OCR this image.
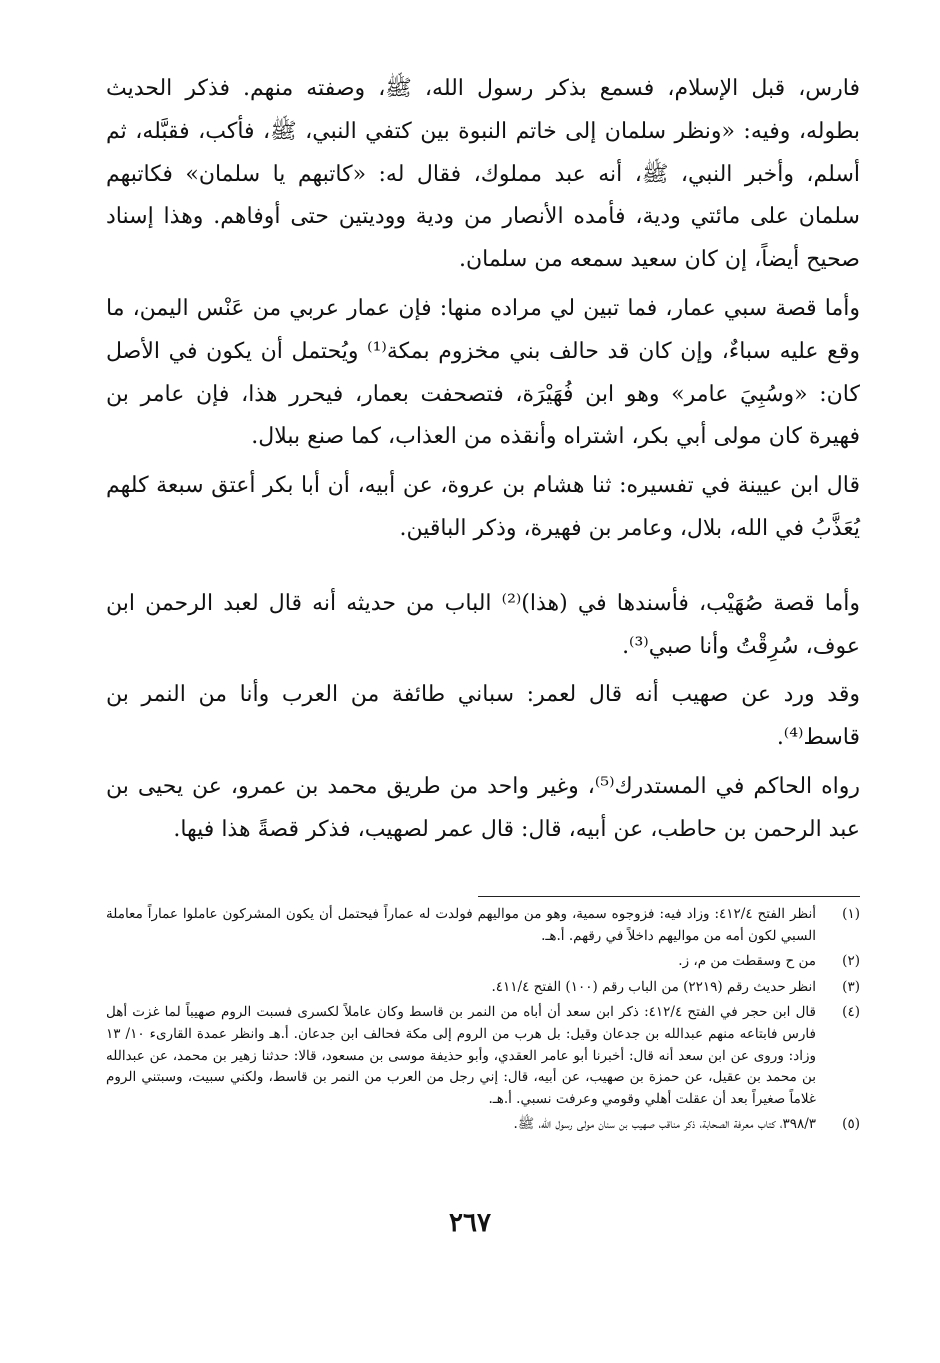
فارس، قبل الإسلام، فسمع بذكر رسول الله، ﷺ، وصفته منهم. فذكر الحديث بطوله، وفيه: «ونظر سلمان إلى خاتم النبوة بين كتفي النبي، ﷺ، فأكب، فقبَّله، ثم أسلم، وأخبر النبي، ﷺ، أنه عبد مملوك، فقال له: «كاتبهم يا سلمان» فكاتبهم سلمان على مائتي ودية، فأمده الأنصار من ودية ووديتين حتى أوفاهم. وهذا إسناد صحيح أيضاً، إن كان سعيد سمعه من سلمان.

وأما قصة سبي عمار، فما تبين لي مراده منها: فإن عمار عربي من عَنْس اليمن، ما وقع عليه سباءٌ، وإن كان قد حالف بني مخزوم بمكة⁽¹⁾ ويُحتمل أن يكون في الأصل كان: «وسُبِيَ عامر» وهو ابن فُهَيْرَة، فتصحفت بعمار، فيحرر هذا، فإن عامر بن فهيرة كان مولى أبي بكر، اشتراه وأنقذه من العذاب، كما صنع ببلال.

قال ابن عيينة في تفسيره: ثنا هشام بن عروة، عن أبيه، أن أبا بكر أعتق سبعة كلهم يُعَذَّبُ في الله، بلال، وعامر بن فهيرة، وذكر الباقين.

وأما قصة صُهَيْب، فأسندها في (هذا)⁽²⁾ الباب من حديثه أنه قال لعبد الرحمن ابن عوف، سُرِقْتُ وأنا صبي⁽³⁾.

وقد ورد عن صهيب أنه قال لعمر: سباني طائفة من العرب وأنا من النمر بن قاسط⁽⁴⁾.

رواه الحاكم في المستدرك⁽⁵⁾، وغير واحد من طريق محمد بن عمرو، عن يحيى بن عبد الرحمن بن حاطب، عن أبيه، قال: قال عمر لصهيب، فذكر قصةً هذا فيها.

(١)
أنظر الفتح ٤١٢/٤: وزاد فيه: فزوجوه سمية، وهو من مواليهم فولدت له عماراً فيحتمل أن يكون المشركون عاملوا عماراً معاملة السبي لكون أمه من مواليهم داخلاً في رقهم. أ.هـ.
(٢)
من ح وسقطت من م، ز.
(٣)
انظر حديث رقم (٢٢١٩) من الباب رقم (١٠٠) الفتح ٤١١/٤.
(٤)
قال ابن حجر في الفتح ٤١٢/٤: ذكر ابن سعد أن أباه من النمر بن قاسط وكان عاملاً لكسرى فسبت الروم صهيباً لما غزت أهل فارس فابتاعه منهم عبدالله بن جدعان وقيل: بل هرب من الروم إلى مكة فحالف ابن جدعان. أ.هـ وانظر عمدة القارىء ١٠/ ١٣ وزاد: وروى عن ابن سعد أنه قال: أخبرنا أبو عامر العقدي، وأبو حذيفة موسى بن مسعود، قالا: حدثنا زهير بن محمد، عن عبدالله بن محمد بن عقيل، عن حمزة بن صهيب، عن أبيه، قال: إني رجل من العرب من النمر بن قاسط، ولكني سبيت، وسبتني الروم غلاماً صغيراً بعد أن عقلت أهلي وقومي وعرفت نسبي. أ.هـ.
(٥)
٣٩٨/٣، كتاب معرفة الصحابة، ذكر مناقب صهيب بن سنان مولى رسول الله، ﷺ.
٢٦٧
